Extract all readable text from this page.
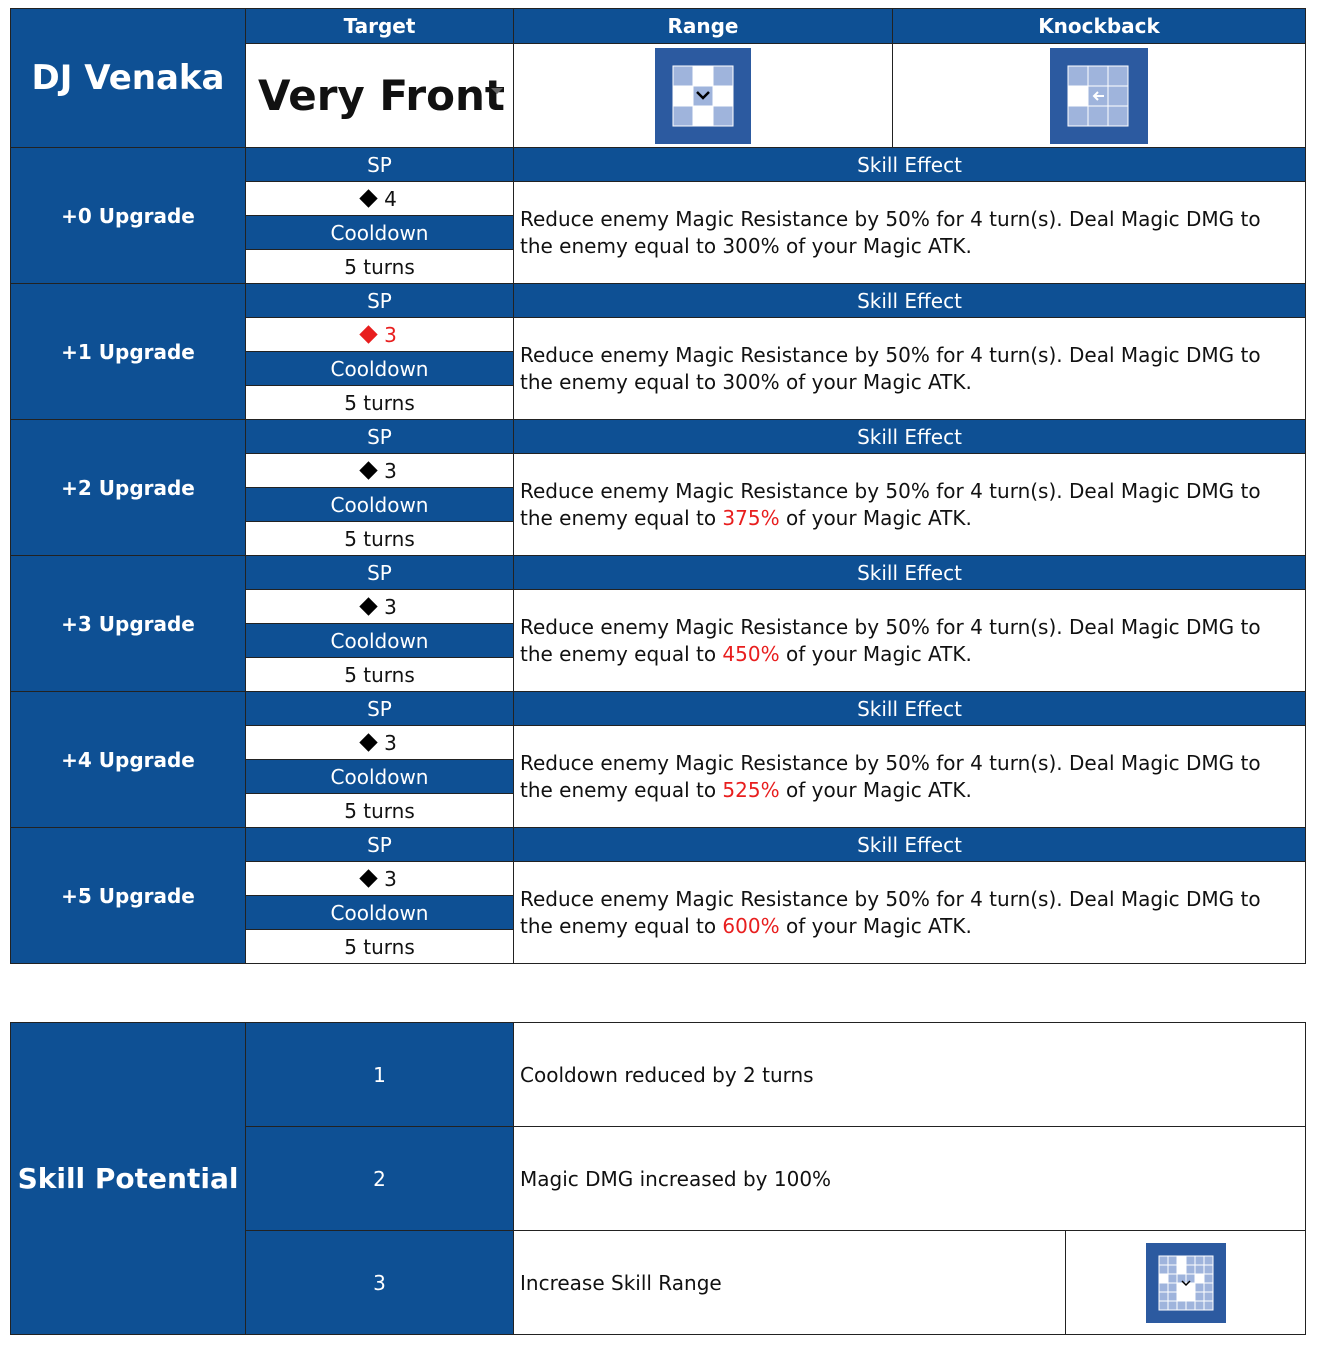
DJ Venaka	Target	Range	Knockback
	Very Front

+0 Upgrade	SP	Skill Effect	
	4	Reduce enemy Magic Resistance by 50% for 4 turn(s). Deal Magic DMG to the enemy equal to 300% of your Magic ATK.	
	Cooldown		
	5 turns		
+1 Upgrade	SP	Skill Effect	
	3	Reduce enemy Magic Resistance by 50% for 4 turn(s). Deal Magic DMG to the enemy equal to 300% of your Magic ATK.	
	Cooldown		
	5 turns		
+2 Upgrade	SP	Skill Effect	
	3	Reduce enemy Magic Resistance by 50% for 4 turn(s). Deal Magic DMG to the enemy equal to 375% of your Magic ATK.	
	Cooldown		
	5 turns		
+3 Upgrade	SP	Skill Effect	
	3	Reduce enemy Magic Resistance by 50% for 4 turn(s). Deal Magic DMG to the enemy equal to 450% of your Magic ATK.	
	Cooldown		
	5 turns		
+4 Upgrade	SP	Skill Effect	
	3	Reduce enemy Magic Resistance by 50% for 4 turn(s). Deal Magic DMG to the enemy equal to 525% of your Magic ATK.	
	Cooldown		
	5 turns		
+5 Upgrade	SP	Skill Effect	
	3	Reduce enemy Magic Resistance by 50% for 4 turn(s). Deal Magic DMG to the enemy equal to 600% of your Magic ATK.	
	Cooldown		
	5 turns		
Skill Potential	1	Cooldown reduced by 2 turns	
	2	Magic DMG increased by 100%	
	3	Increase Skill Range	
